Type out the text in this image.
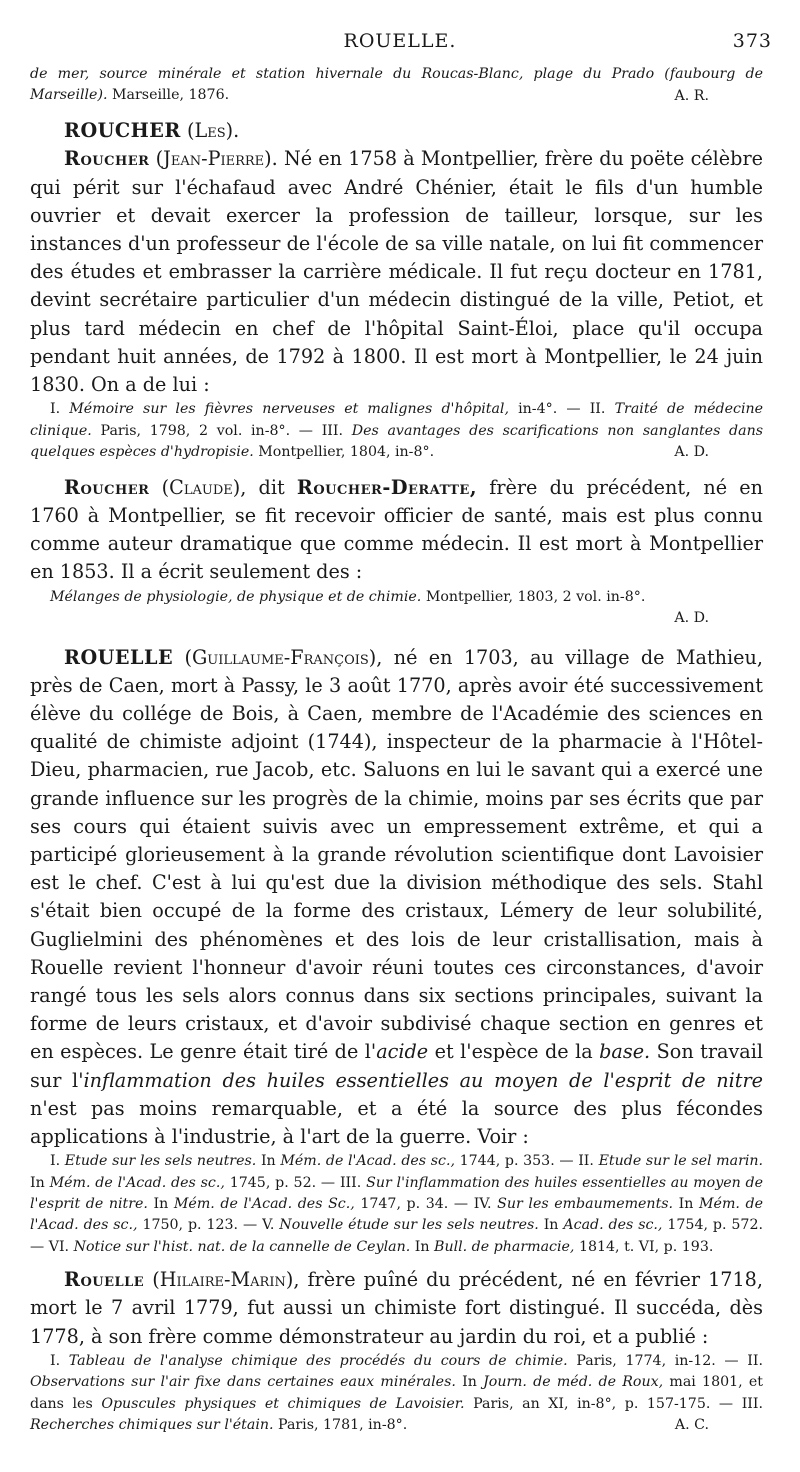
ROUELLE.	373

de mer, source minérale et station hivernale du Roucas-Blanc, plage du Prado (faubourg de Marseille). Marseille, 1876.	A. R.

ROUCHER (Les).

Roucher (Jean-Pierre). Né en 1758 à Montpellier, frère du poëte célèbre qui périt sur l'échafaud avec André Chénier, était le fils d'un humble ouvrier et devait exercer la profession de tailleur, lorsque, sur les instances d'un professeur de l'école de sa ville natale, on lui fit commencer des études et embrasser la carrière médicale. Il fut reçu docteur en 1781, devint secrétaire particulier d'un médecin distingué de la ville, Petiot, et plus tard médecin en chef de l'hôpital Saint-Éloi, place qu'il occupa pendant huit années, de 1792 à 1800. Il est mort à Montpellier, le 24 juin 1830. On a de lui :

I. Mémoire sur les fièvres nerveuses et malignes d'hôpital, in-4°. — II. Traité de médecine clinique. Paris, 1798, 2 vol. in-8°. — III. Des avantages des scarifications non sanglantes dans quelques espèces d'hydropisie. Montpellier, 1804, in-8°.	A. D.

Roucher (Claude), dit Roucher-Deratte, frère du précédent, né en 1760 à Montpellier, se fit recevoir officier de santé, mais est plus connu comme auteur dramatique que comme médecin. Il est mort à Montpellier en 1853. Il a écrit seulement des :

Mélanges de physiologie, de physique et de chimie. Montpellier, 1803, 2 vol. in-8°.

A. D.

ROUELLE (Guillaume-François), né en 1703, au village de Mathieu, près de Caen, mort à Passy, le 3 août 1770, après avoir été successivement élève du collége de Bois, à Caen, membre de l'Académie des sciences en qualité de chimiste adjoint (1744), inspecteur de la pharmacie à l'Hôtel-Dieu, pharmacien, rue Jacob, etc. Saluons en lui le savant qui a exercé une grande influence sur les progrès de la chimie, moins par ses écrits que par ses cours qui étaient suivis avec un empressement extrême, et qui a participé glorieusement à la grande révolution scientifique dont Lavoisier est le chef. C'est à lui qu'est due la division méthodique des sels. Stahl s'était bien occupé de la forme des cristaux, Lémery de leur solubilité, Guglielmini des phénomènes et des lois de leur cristallisation, mais à Rouelle revient l'honneur d'avoir réuni toutes ces circonstances, d'avoir rangé tous les sels alors connus dans six sections principales, suivant la forme de leurs cristaux, et d'avoir subdivisé chaque section en genres et en espèces. Le genre était tiré de l'acide et l'espèce de la base. Son travail sur l'inflammation des huiles essentielles au moyen de l'esprit de nitre n'est pas moins remarquable, et a été la source des plus fécondes applications à l'industrie, à l'art de la guerre. Voir :

I. Etude sur les sels neutres. In Mém. de l'Acad. des sc., 1744, p. 353. — II. Etude sur le sel marin. In Mém. de l'Acad. des sc., 1745, p. 52. — III. Sur l'inflammation des huiles essentielles au moyen de l'esprit de nitre. In Mém. de l'Acad. des Sc., 1747, p. 34. — IV. Sur les embaumements. In Mém. de l'Acad. des sc., 1750, p. 123. — V. Nouvelle étude sur les sels neutres. In Acad. des sc., 1754, p. 572. — VI. Notice sur l'hist. nat. de la cannelle de Ceylan. In Bull. de pharmacie, 1814, t. VI, p. 193.

Rouelle (Hilaire-Marin), frère puîné du précédent, né en février 1718, mort le 7 avril 1779, fut aussi un chimiste fort distingué. Il succéda, dès 1778, à son frère comme démonstrateur au jardin du roi, et a publié :

I. Tableau de l'analyse chimique des procédés du cours de chimie. Paris, 1774, in-12. — II. Observations sur l'air fixe dans certaines eaux minérales. In Journ. de méd. de Roux, mai 1801, et dans les Opuscules physiques et chimiques de Lavoisier. Paris, an XI, in-8°, p. 157-175. — III. Recherches chimiques sur l'étain. Paris, 1781, in-8°.	A. C.
